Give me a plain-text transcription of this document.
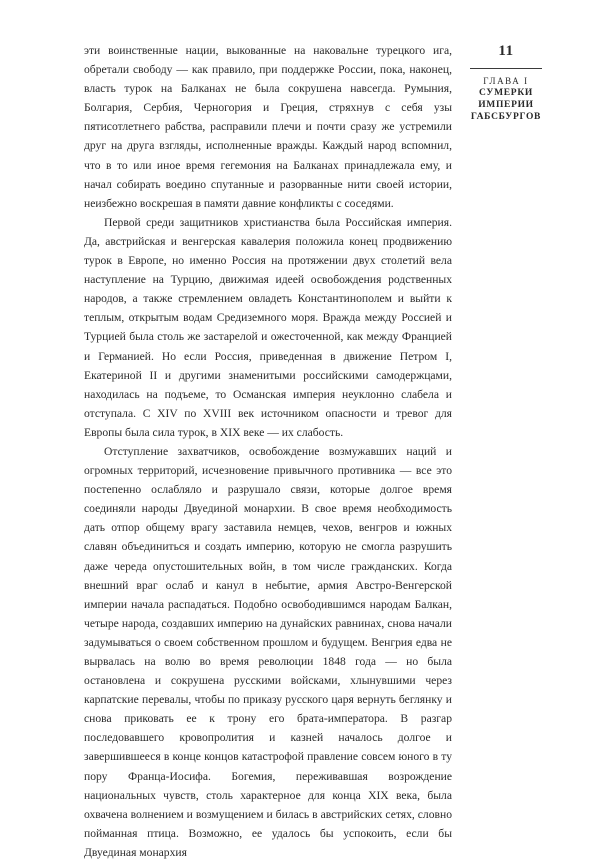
эти воинственные нации, выкованные на наковальне турецкого ига, обретали свободу — как правило, при поддержке России, пока, наконец, власть турок на Балканах не была сокрушена навсегда. Румыния, Болгария, Сербия, Черногория и Греция, стряхнув с себя узы пятисотлетнего рабства, расправили плечи и почти сразу же устремили друг на друга взгляды, исполненные вражды. Каждый народ вспомнил, что в то или иное время гегемония на Балканах принадлежала ему, и начал собирать воедино спутанные и разорванные нити своей истории, неизбежно воскрешая в памяти давние конфликты с соседями.

Первой среди защитников христианства была Российская империя. Да, австрийская и венгерская кавалерия положила конец продвижению турок в Европе, но именно Россия на протяжении двух столетий вела наступление на Турцию, движимая идеей освобождения родственных народов, а также стремлением овладеть Константинополем и выйти к теплым, открытым водам Средиземного моря. Вражда между Россией и Турцией была столь же застарелой и ожесточенной, как между Францией и Германией. Но если Россия, приведенная в движение Петром I, Екатериной II и другими знаменитыми российскими самодержцами, находилась на подъеме, то Османская империя неуклонно слабела и отступала. С XIV по XVIII век источником опасности и тревог для Европы была сила турок, в XIX веке — их слабость.

Отступление захватчиков, освобождение возмужавших наций и огромных территорий, исчезновение привычного противника — все это постепенно ослабляло и разрушало связи, которые долгое время соединяли народы Двуединой монархии. В свое время необходимость дать отпор общему врагу заставила немцев, чехов, венгров и южных славян объединиться и создать империю, которую не смогла разрушить даже череда опустошительных войн, в том числе гражданских. Когда внешний враг ослаб и канул в небытие, армия Австро-Венгерской империи начала распадаться. Подобно освободившимся народам Балкан, четыре народа, создавших империю на дунайских равнинах, снова начали задумываться о своем собственном прошлом и будущем. Венгрия едва не вырвалась на волю во время революции 1848 года — но была остановлена и сокрушена русскими войсками, хлынувшими через карпатские перевалы, чтобы по приказу русского царя вернуть беглянку и снова приковать ее к трону его брата-императора. В разгар последовавшего кровопролития и казней началось долгое и завершившееся в конце концов катастрофой правление совсем юного в ту пору Франца-Иосифа. Богемия, переживавшая возрождение национальных чувств, столь характерное для конца XIX века, была охвачена волнением и возмущением и билась в австрийских сетях, словно пойманная птица. Возможно, ее удалось бы успокоить, если бы Двуединая монархия

11
ГЛАВА I
СУМЕРКИ
ИМПЕРИИ
ГАБСБУРГОВ
